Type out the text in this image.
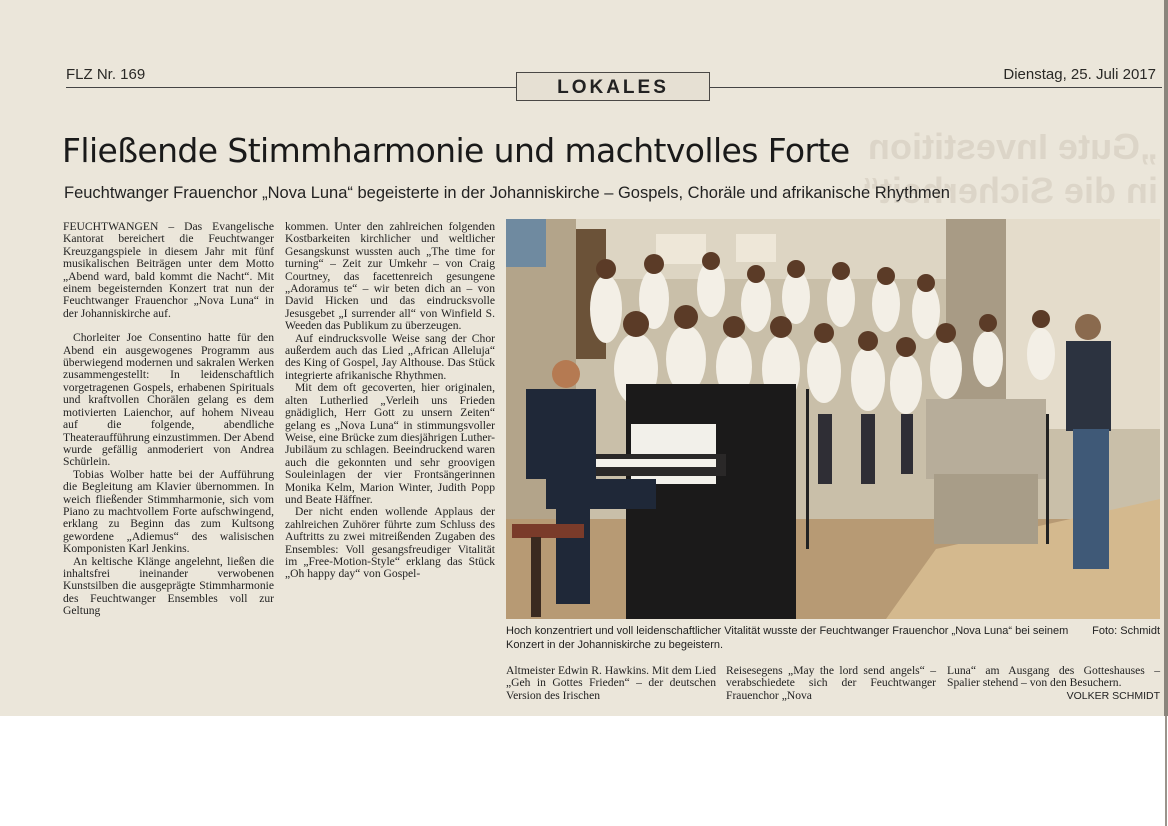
„Gute Investition in die Sicherheit“
FLZ Nr. 169
LOKALES
Dienstag, 25. Juli 2017
Fließende Stimmharmonie und machtvolles Forte
Feuchtwanger Frauenchor „Nova Luna“ begeisterte in der Johanniskirche – Gospels, Choräle und afrikanische Rhythmen

FEUCHTWANGEN – Das Evangelische Kantorat bereichert die Feuchtwanger Kreuzgangspiele in diesem Jahr mit fünf musikalischen Beiträgen unter dem Motto „Abend ward, bald kommt die Nacht“. Mit einem begeisternden Konzert trat nun der Feuchtwanger Frauenchor „Nova Luna“ in der Johanniskirche auf.

Chorleiter Joe Consentino hatte für den Abend ein ausgewogenes Programm aus überwiegend modernen und sakralen Werken zusammengestellt: In leidenschaftlich vorgetragenen Gospels, erhabenen Spirituals und kraftvollen Chorälen gelang es dem motivierten Laienchor, auf hohem Niveau auf die folgende, abendliche Theateraufführung einzustimmen. Der Abend wurde gefällig anmoderiert von Andrea Schürlein.

Tobias Wolber hatte bei der Aufführung die Begleitung am Klavier übernommen. In weich fließender Stimmharmonie, sich vom Piano zu machtvollem Forte aufschwingend, erklang zu Beginn das zum Kultsong gewordene „Adiemus“ des walisischen Komponisten Karl Jenkins.

An keltische Klänge angelehnt, ließen die inhaltsfrei ineinander verwobenen Kunstsilben die ausgeprägte Stimmharmonie des Feuchtwanger Ensembles voll zur Geltung

kommen. Unter den zahlreichen folgenden Kostbarkeiten kirchlicher und weltlicher Gesangskunst wussten auch „The time for turning“ – Zeit zur Umkehr – von Craig Courtney, das facettenreich gesungene „Adoramus te“ – wir beten dich an – von David Hicken und das eindrucksvolle Jesusgebet „I surrender all“ von Winfield S. Weeden das Publikum zu überzeugen.

Auf eindrucksvolle Weise sang der Chor außerdem auch das Lied „African Alleluja“ des King of Gospel, Jay Althouse. Das Stück integrierte afrikanische Rhythmen.

Mit dem oft gecoverten, hier originalen, alten Lutherlied „Verleih uns Frieden gnädiglich, Herr Gott zu unsern Zeiten“ gelang es „Nova Luna“ in stimmungsvoller Weise, eine Brücke zum diesjährigen Luther-Jubiläum zu schlagen. Beeindruckend waren auch die gekonnten und sehr groovigen Souleinlagen der vier Frontsängerinnen Monika Kelm, Marion Winter, Judith Popp und Beate Häffner.

Der nicht enden wollende Applaus der zahlreichen Zuhörer führte zum Schluss des Auftritts zu zwei mitreißenden Zugaben des Ensembles: Voll gesangsfreudiger Vitalität im „Free-Motion-Style“ erklang das Stück „Oh happy day“ von Gospel-

Foto: Schmidt
Hoch konzentriert und voll leidenschaftlicher Vitalität wusste der Feuchtwanger Frauenchor „Nova Luna“ bei seinem Konzert in der Johanniskirche zu begeistern.
Altmeister Edwin R. Hawkins. Mit dem Lied „Geh in Gottes Frieden“ – der deutschen Version des Irischen
Reisesegens „May the lord send angels“ – verabschiedete sich der Feuchtwanger Frauenchor „Nova
Luna“ am Ausgang des Gotteshauses – Spalier stehend – von den Besuchern.
VOLKER SCHMIDT
